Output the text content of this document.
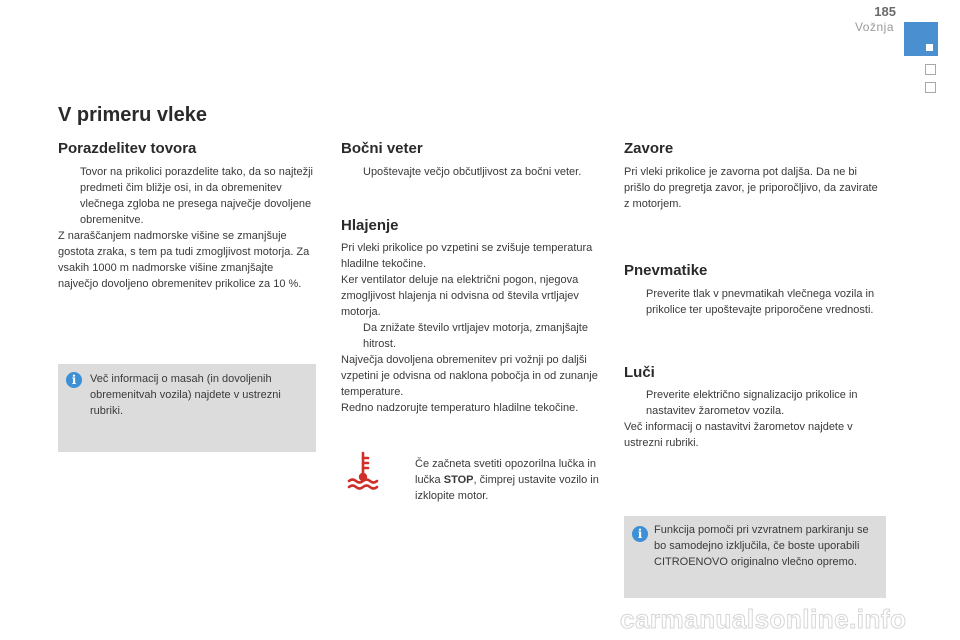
185
Vožnja
V primeru vleke
Porazdelitev tovora
Tovor na prikolici porazdelite tako, da so najtežji predmeti čim bližje osi, in da obremenitev vlečnega zgloba ne presega največje dovoljene obremenitve.

Z naraščanjem nadmorske višine se zmanjšuje gostota zraka, s tem pa tudi zmogljivost motorja. Za vsakih 1000 m nadmorske višine zmanjšajte največjo dovoljeno obremenitev prikolice za 10 %.

i	Več informacij o masah (in dovoljenih obremenitvah vozila) najdete v ustrezni rubriki.
Bočni veter
Upoštevajte večjo občutljivost za bočni veter.
Hlajenje

Pri vleki prikolice po vzpetini se zvišuje temperatura hladilne tekočine.

Ker ventilator deluje na električni pogon, njegova zmogljivost hlajenja ni odvisna od števila vrtljajev motorja.

Da znižate število vrtljajev motorja, zmanjšajte hitrost.

Največja dovoljena obremenitev pri vožnji po daljši vzpetini je odvisna od naklona pobočja in od zunanje temperature.

Redno nadzorujte temperaturo hladilne tekočine.

Če začneta svetiti opozorilna lučka in lučka STOP, čimprej ustavite vozilo in izklopite motor.
Zavore

Pri vleki prikolice je zavorna pot daljša. Da ne bi prišlo do pregretja zavor, je priporočljivo, da zavirate z motorjem.

Pnevmatike
Preverite tlak v pnevmatikah vlečnega vozila in prikolice ter upoštevajte priporočene vrednosti.
Luči
Preverite električno signalizacijo prikolice in nastavitev žarometov vozila.

Več informacij o nastavitvi žarometov najdete v ustrezni rubriki.

i	Funkcija pomoči pri vzvratnem parkiranju se bo samodejno izključila, če boste uporabili CITROENOVO originalno vlečno opremo.
carmanualsonline.info
